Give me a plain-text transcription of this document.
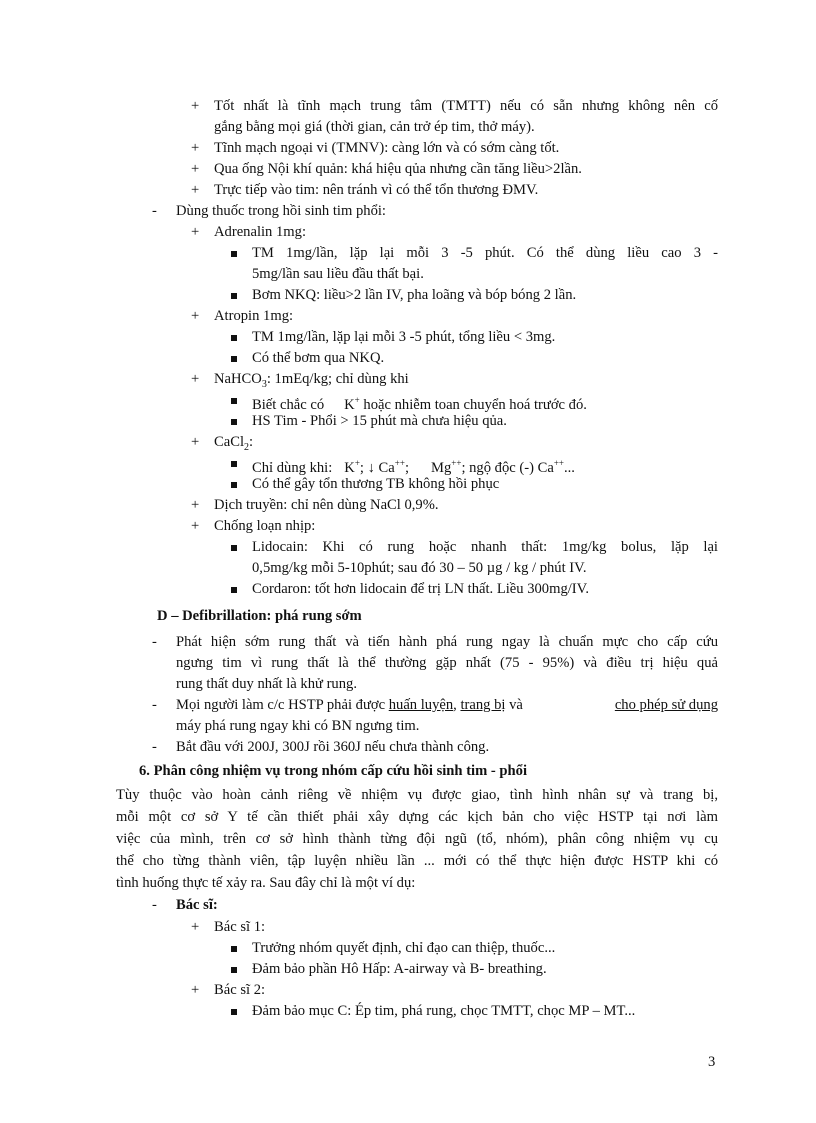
+ Tốt nhất là tĩnh mạch trung tâm (TMTT) nếu có sẵn nhưng không nên cố
gắng bằng mọi giá (thời gian, cản trở ép tim, thở máy).
+ Tĩnh mạch ngoại vi (TMNV): càng lớn và có sớm càng tốt.
+ Qua ống Nội khí quản: khá hiệu qủa nhưng cần tăng liều>2lần.
+ Trực tiếp vào tim: nên tránh vì có thể tổn thương ĐMV.
- Dùng thuốc trong hồi sinh tim phổi:
+ Adrenalin 1mg:
TM 1mg/lần, lặp lại mỗi 3 -5 phút. Có thể dùng liều cao 3 -
5mg/lần sau liều đầu thất bại.
Bơm NKQ: liều>2 lần IV, pha loãng và bóp bóng 2 lần.
+ Atropin 1mg:
TM 1mg/lần, lặp lại mỗi 3 -5 phút, tổng liều < 3mg.
Có thể bơm qua NKQ.
+ NaHCO$_3$: 1mEq/kg; chỉ dùng khi
Biết chắc có K+ hoặc nhiễm toan chuyển hoá trước đó.
HS Tim - Phổi > 15 phút mà chưa hiệu qủa.
+ CaCl$_2$:
Chỉ dùng khi: K+; ↓ Ca++; Mg++; ngộ độc (-) Ca++...
Có thể gây tổn thương TB không hồi phục
+ Dịch truyền: chỉ nên dùng NaCl 0,9%.
+ Chống loạn nhịp:
Lidocain: Khi có rung hoặc nhanh thất: 1mg/kg bolus, lặp lại
0,5mg/kg mỗi 5-10phút; sau đó 30 – 50 µg / kg / phút IV.
Cordaron: tốt hơn lidocain để trị LN thất. Liều 300mg/IV.
D – Defibrillation: phá rung sớm
- Phát hiện sớm rung thất và tiến hành phá rung ngay là chuẩn mực cho cấp cứu
ngưng tim vì rung thất là thể thường gặp nhất (75 - 95%) và điều trị hiệu quả
rung thất duy nhất là khử rung.
- Mọi người làm c/c HSTP phải được huấn luyện, trang bị và	cho phép sử dụng
máy phá rung ngay khi có BN ngưng tim.
- Bắt đầu với 200J, 300J rồi 360J nếu chưa thành công.
6. Phân công nhiệm vụ trong nhóm cấp cứu hồi sinh tim - phổi
Tùy thuộc vào hoàn cảnh riêng về nhiệm vụ được giao, tình hình nhân sự và trang bị,
mỗi một cơ sở Y tế cần thiết phải xây dựng các kịch bản cho việc HSTP tại nơi làm
việc của mình, trên cơ sở hình thành từng đội ngũ (tổ, nhóm), phân công nhiệm vụ cụ
thể cho từng thành viên, tập luyện nhiều lần ... mới có thể thực hiện được HSTP khi có
tình huống thực tế xảy ra. Sau đây chỉ là một ví dụ:
- Bác sĩ:
+ Bác sĩ 1:
Trưởng nhóm quyết định, chỉ đạo can thiệp, thuốc...
Đảm bảo phần Hô Hấp: A-airway và B- breathing.
+ Bác sĩ 2:
Đảm bảo mục C: Ép tim, phá rung, chọc TMTT, chọc MP – MT...
3
